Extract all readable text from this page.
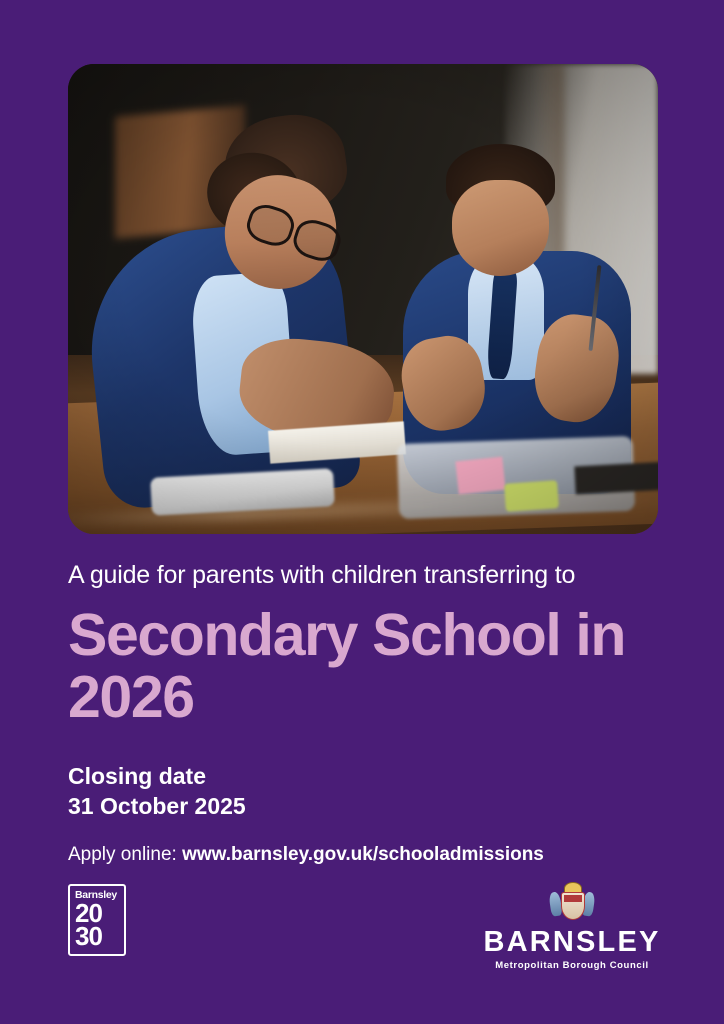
A guide for parents with children transferring to

Secondary School in 2026

Closing date

31 October 2025

Apply online: www.barnsley.gov.uk/schooladmissions

Barnsley
20
30	BARNSLEY
Metropolitan Borough Council
